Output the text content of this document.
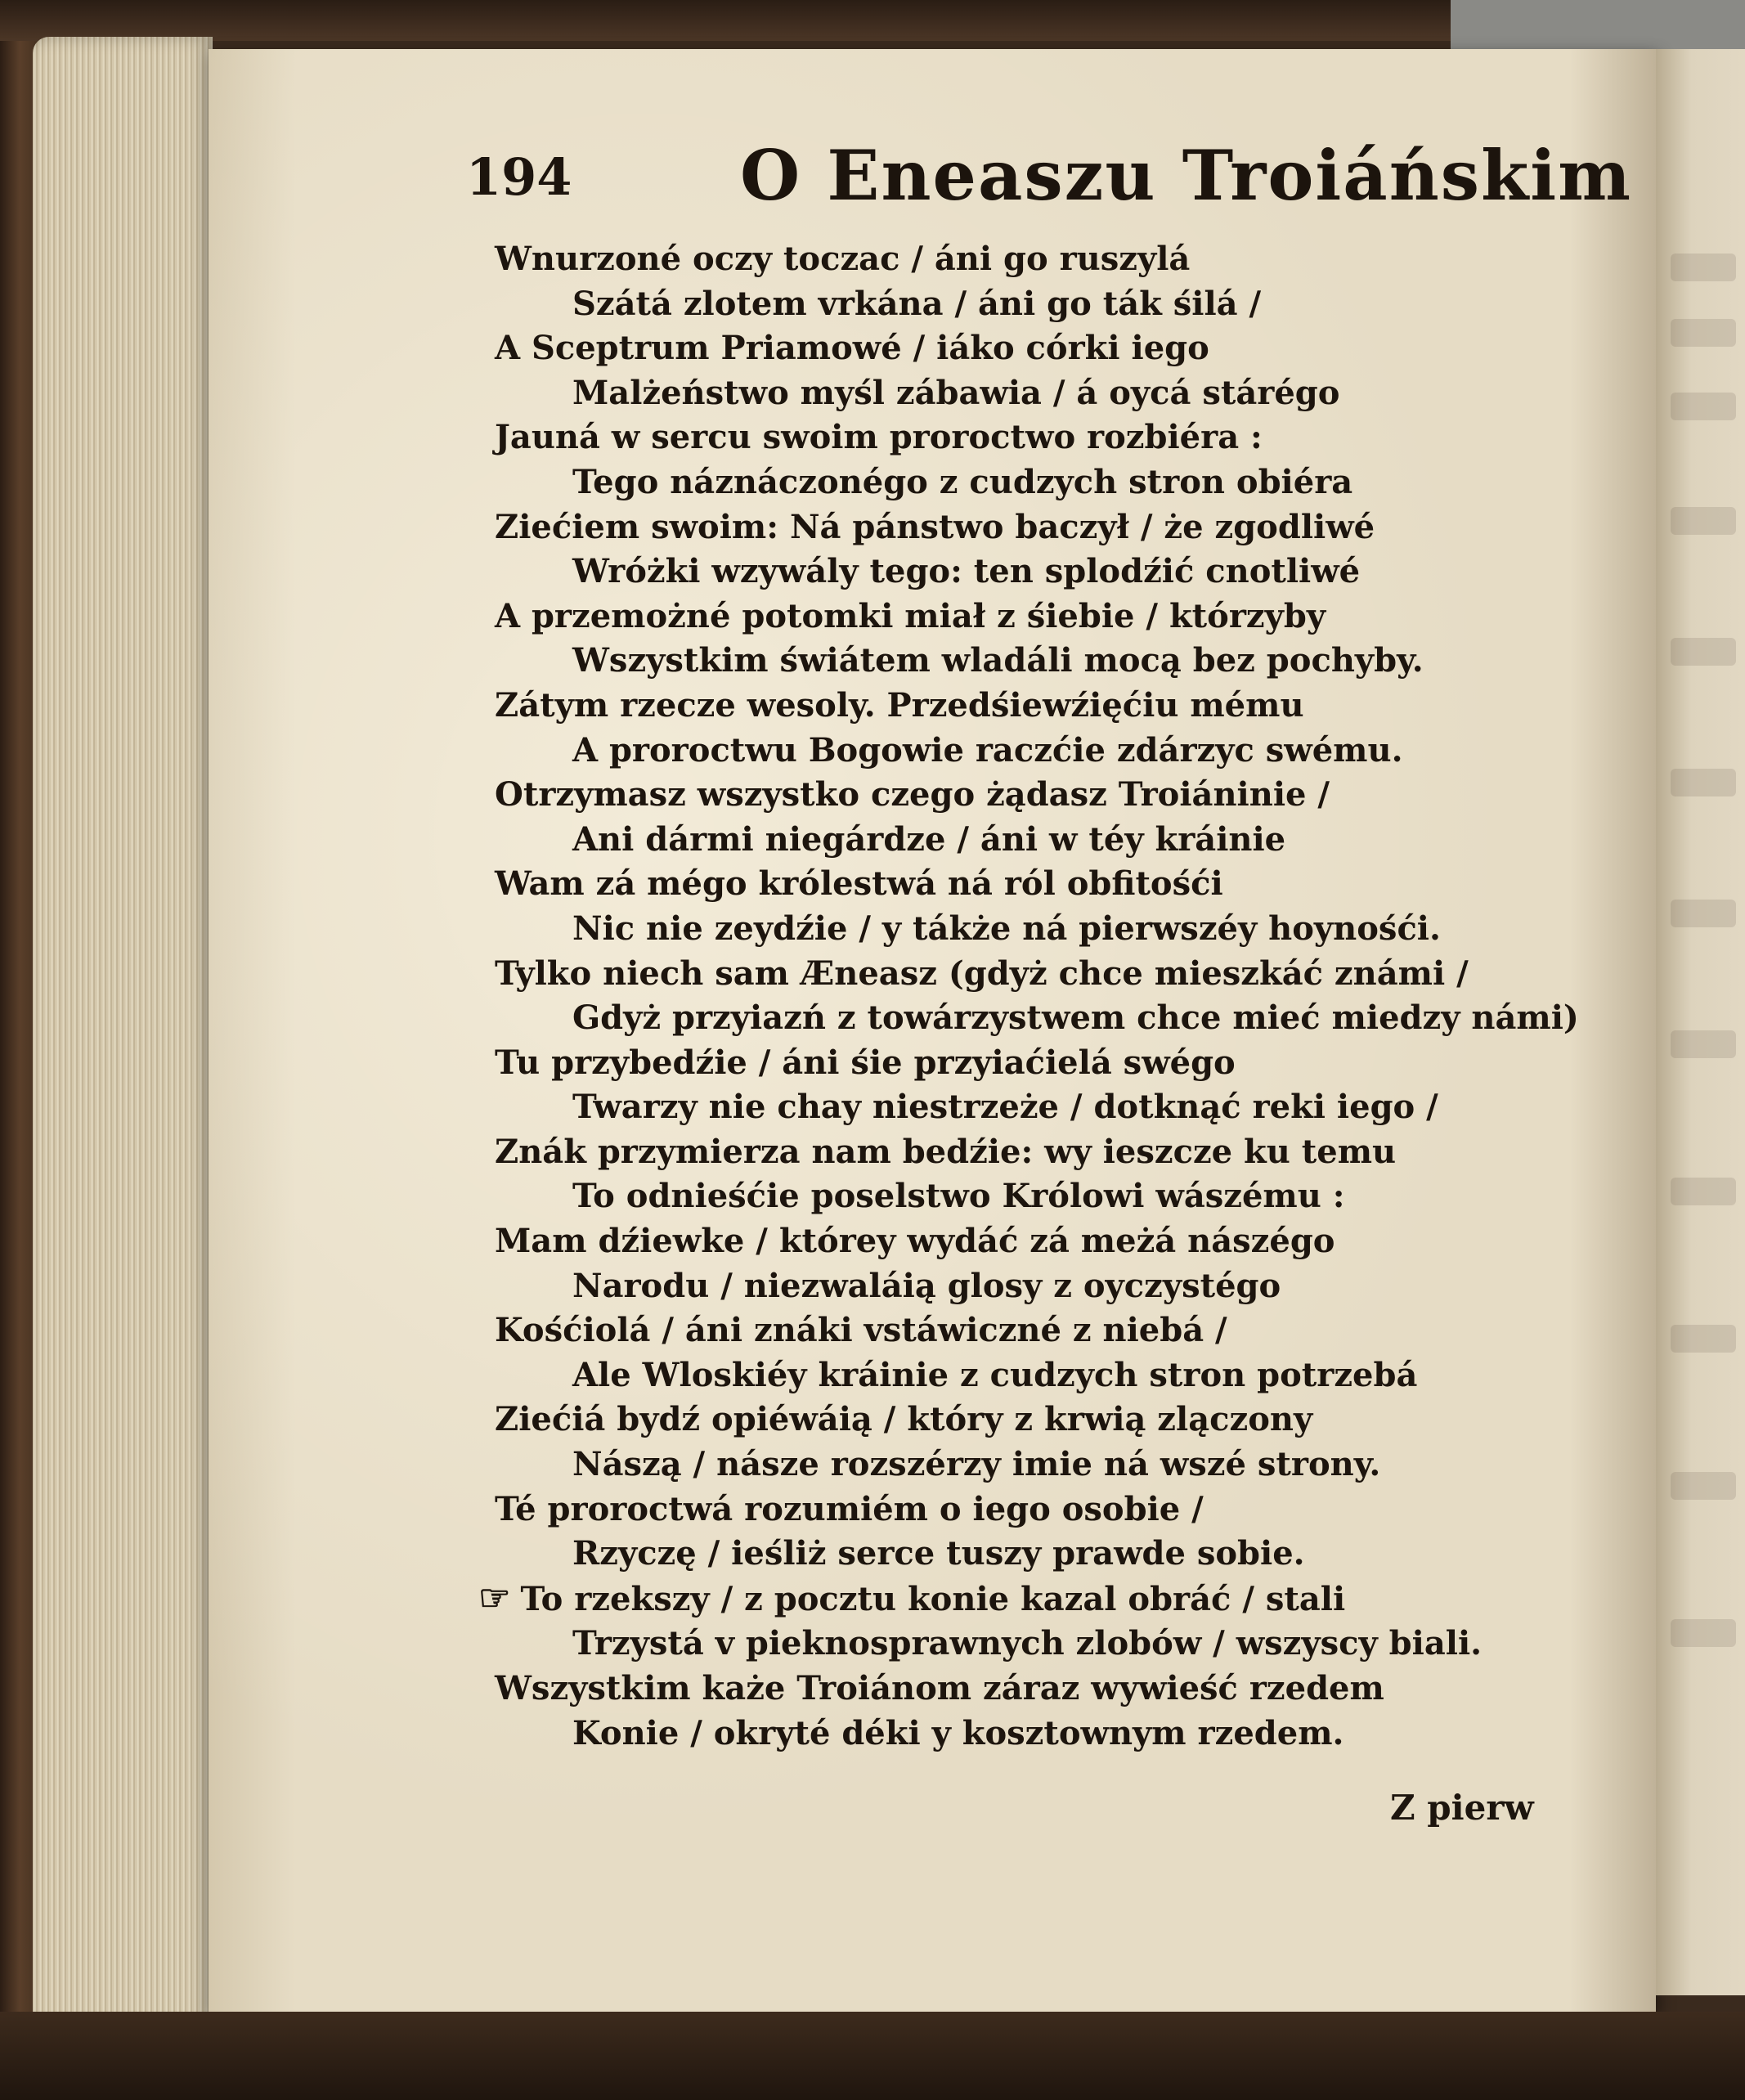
194 O Eneaszu Troiáńskim
Wnurzoné oczy toczac / áni go ruszylá
Szátá zlotem vrkána / áni go ták śilá /
A Sceptrum Priamowé / iáko córki iego
Malżeństwo myśl zábawia / á oycá stárégo
Jauná w sercu swoim proroctwo rozbiéra :
Tego náznáczonégo z cudzych stron obiéra
Ziećiem swoim: Ná pánstwo baczył / że zgodliwé
Wróżki wzywály tego: ten splodźić cnotliwé
A przemożné potomki miał z śiebie / którzyby
Wszystkim świátem wladáli mocą bez pochyby.
Zátym rzecze wesoly. Przedśiewźięćiu mému
A proroctwu Bogowie raczćie zdárzyc swému.
Otrzymasz wszystko czego żądasz Troiáninie /
Ani dármi niegárdze / áni w téy kráinie
Wam zá mégo królestwá ná ról obfitośći
Nic nie zeydźie / y tákże ná pierwszéy hoynośći.
Tylko niech sam Æneasz (gdyż chce mieszkáć známi /
Gdyż przyiazń z towárzystwem chce mieć miedzy námi)
Tu przybedźie / áni śie przyiaćielá swégo
Twarzy nie chay niestrzeże / dotknąć reki iego /
Znák przymierza nam bedźie: wy ieszcze ku temu
To odnieśćie poselstwo Królowi wászému :
Mam dźiewke / którey wydáć zá meżá nászégo
Narodu / niezwaláią glosy z oyczystégo
Kośćiolá / áni znáki vstáwiczné z niebá /
Ale Wloskiéy kráinie z cudzych stron potrzebá
Ziećiá bydź opiéwáią / który z krwią zlączony
Nászą / násze rozszérzy imie ná wszé strony.
Té proroctwá rozumiém o iego osobie /
Rzyczę / ieśliż serce tuszy prawde sobie.
☞ To rzekszy / z pocztu konie kazal obráć / stali
Trzystá v pieknosprawnych zlobów / wszyscy biali.
Wszystkim każe Troiánom záraz wywieść rzedem
Konie / okryté déki y kosztownym rzedem.
Z pierw
